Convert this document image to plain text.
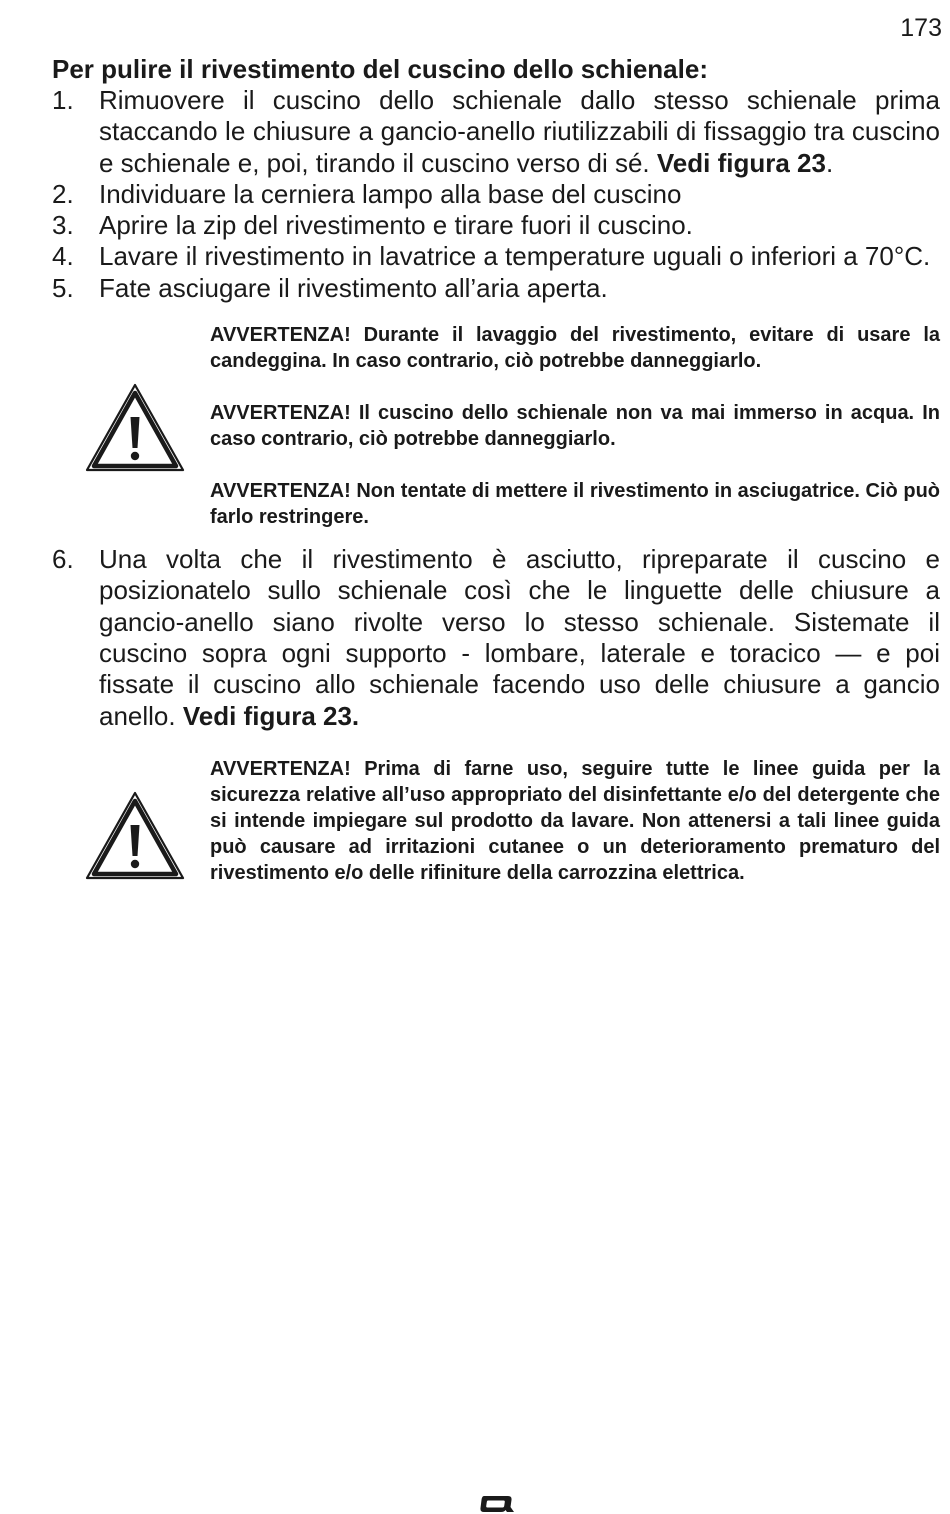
173

Per pulire il rivestimento del cuscino dello schienale:

1. Rimuovere il cuscino dello schienale dallo stesso schienale prima staccando le chiusure a gancio-anello riutilizzabili di fissaggio tra cuscino e schienale e, poi, tirando il cuscino verso di sé. Vedi figura 23.
2. Individuare la cerniera lampo alla base del cuscino
3. Aprire la zip del rivestimento e tirare fuori il cuscino.
4. Lavare il rivestimento in lavatrice a temperature uguali o inferiori a 70°C.
5. Fate asciugare il rivestimento all’aria aperta.

AVVERTENZA! Durante il lavaggio del rivestimento, evitare di usare la candeggina. In caso contrario, ciò potrebbe danneggiarlo.

AVVERTENZA! Il cuscino dello schienale non va mai immerso in acqua. In caso contrario, ciò potrebbe danneggiarlo.

AVVERTENZA! Non tentate di mettere il rivestimento in asciugatrice. Ciò può farlo restringere.

6. Una volta che il rivestimento è asciutto, ripreparate il cuscino e posizionatelo sullo schienale così che le linguette delle chiusure a gancio-anello siano rivolte verso lo stesso schienale. Sistemate il cuscino sopra ogni supporto - lombare, laterale e toracico — e poi fissate il cuscino allo schienale facendo uso delle chiusure a gancio anello. Vedi figura 23.

AVVERTENZA! Prima di farne uso, seguire tutte le linee guida per la sicurezza relative all’uso appropriato del disinfettante e/o del detergente che si intende impiegare sul prodotto da lavare. Non attenersi a tali linee guida può causare ad irritazioni cutanee o un deterioramento prematuro del rivestimento e/o delle rifiniture della carrozzina elettrica.
